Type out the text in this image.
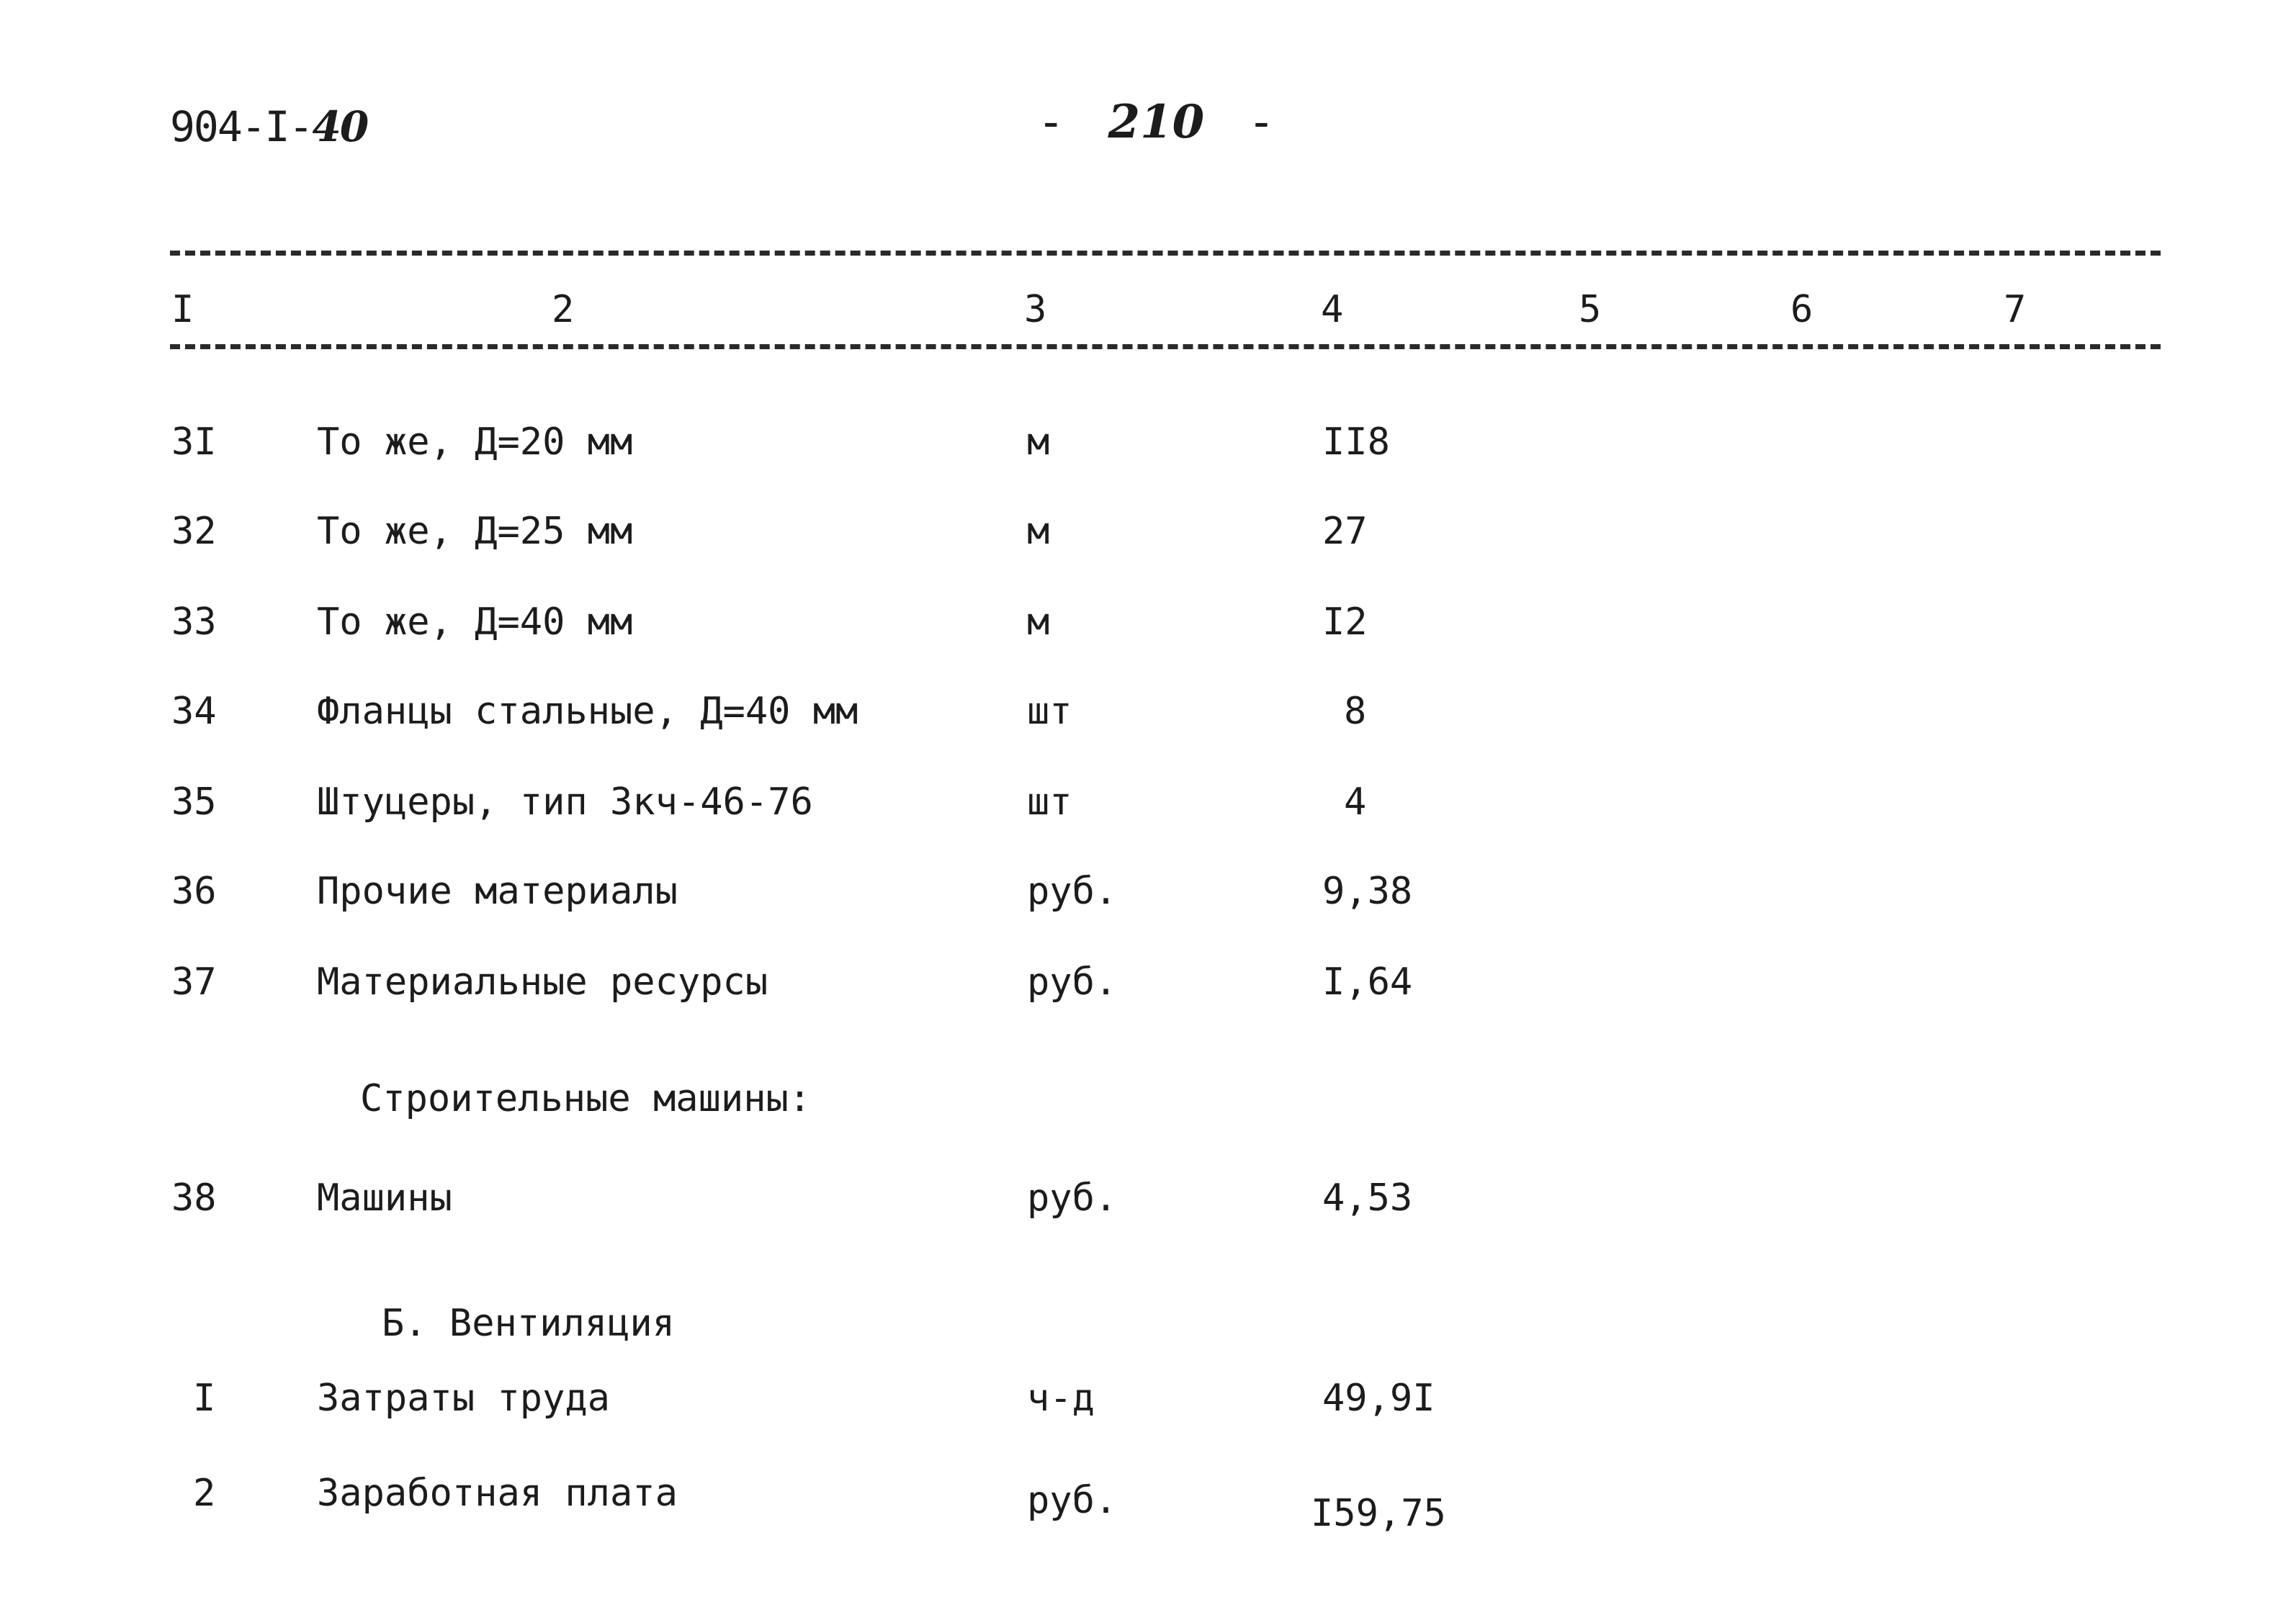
904-I-40	- 210 -
I	2	3	4	5	6	7
3I	То же, Д=20 мм	м	II8
32	То же, Д=25 мм	м	27
33	То же, Д=40 мм	м	I2
34	Фланцы стальные, Д=40 мм	шт	8
35	Штуцеры, тип 3кч-46-76	шт	4
36	Прочие материалы	руб.	9,38
37	Материальные ресурсы	руб.	I,64
Строительные машины:
38	Машины	руб.	4,53
Б. Вентиляция
I	Затраты труда	ч-д	49,9I
2	Заработная плата	руб.	I59,75
